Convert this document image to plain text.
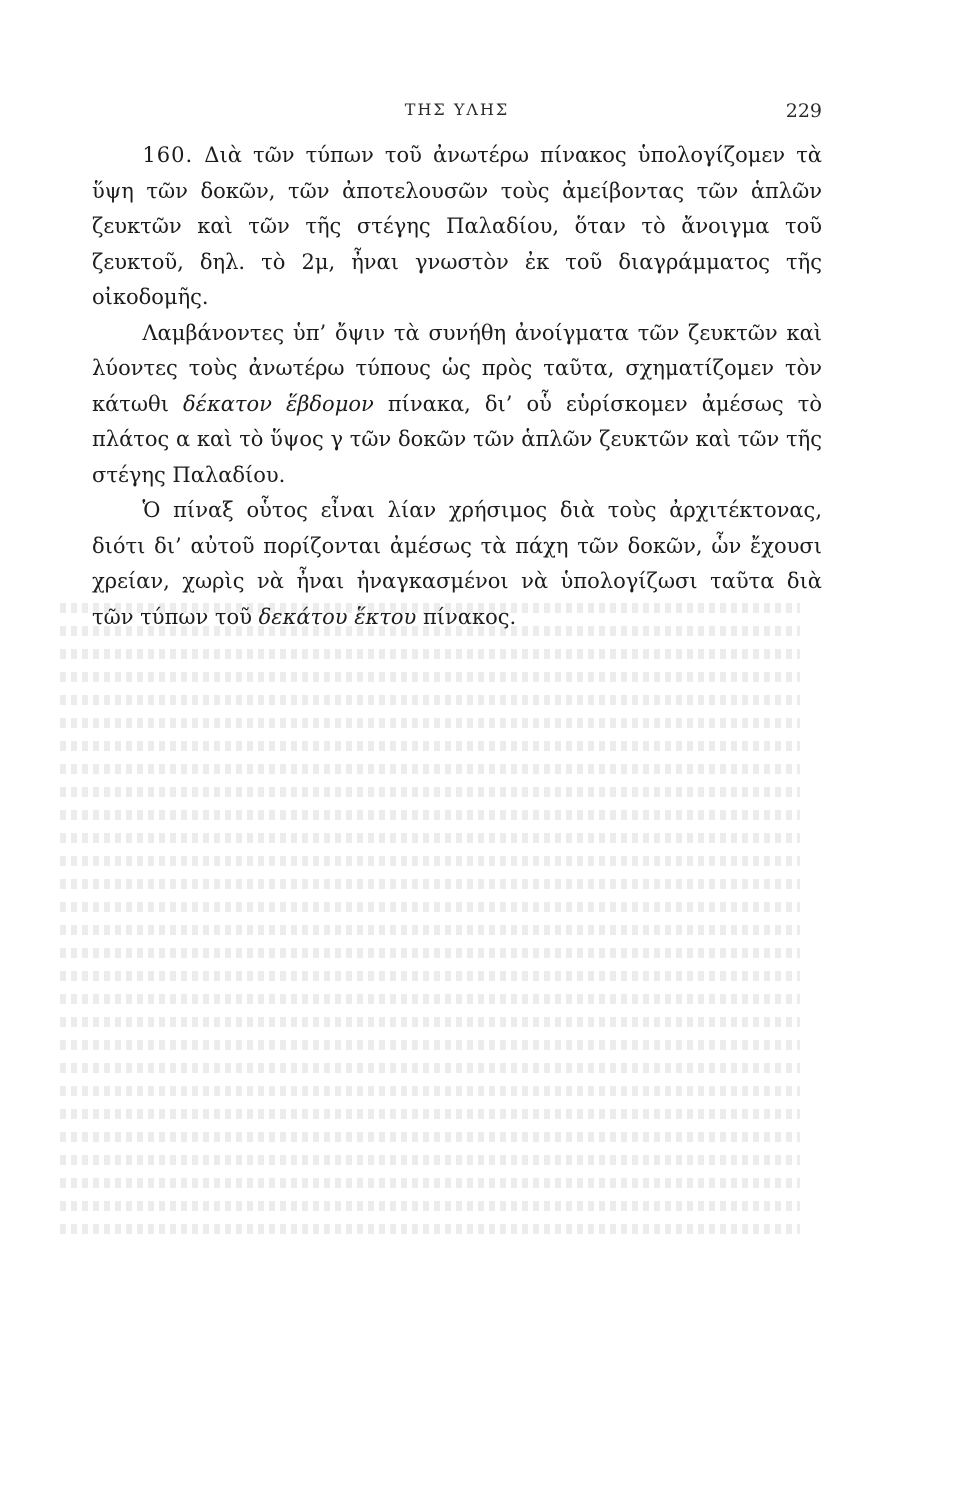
ΤΗΣ ΥΛΗΣ	229

160. Διὰ τῶν τύπων τοῦ ἀνωτέρω πίνακος ὑπολογίζομεν τὰ ὕψη τῶν δοκῶν, τῶν ἀποτελουσῶν τοὺς ἀμείβοντας τῶν ἁπλῶν ζευκτῶν καὶ τῶν τῆς στέγης Παλαδίου, ὅταν τὸ ἄνοιγμα τοῦ ζευκτοῦ, δηλ. τὸ 2μ, ἦναι γνωστὸν ἐκ τοῦ διαγράμματος τῆς οἰκοδομῆς.

Λαμβάνοντες ὑπ’ ὄψιν τὰ συνήθη ἀνοίγματα τῶν ζευκτῶν καὶ λύοντες τοὺς ἀνωτέρω τύπους ὡς πρὸς ταῦτα, σχηματίζομεν τὸν κάτωθι δέκατον ἕβδομον πίνακα, δι’ οὗ εὑρίσκομεν ἀμέσως τὸ πλάτος α καὶ τὸ ὕψος γ τῶν δοκῶν τῶν ἁπλῶν ζευκτῶν καὶ τῶν τῆς στέγης Παλαδίου.

Ὁ πίναξ οὗτος εἶναι λίαν χρήσιμος διὰ τοὺς ἀρχιτέκτονας, διότι δι’ αὐτοῦ πορίζονται ἀμέσως τὰ πάχη τῶν δοκῶν, ὧν ἔχουσι χρείαν, χωρὶς νὰ ἦναι ἠναγκασμένοι νὰ ὑπολογίζωσι ταῦτα διὰ τῶν τύπων τοῦ δεκάτου ἕκτου πίνακος.
